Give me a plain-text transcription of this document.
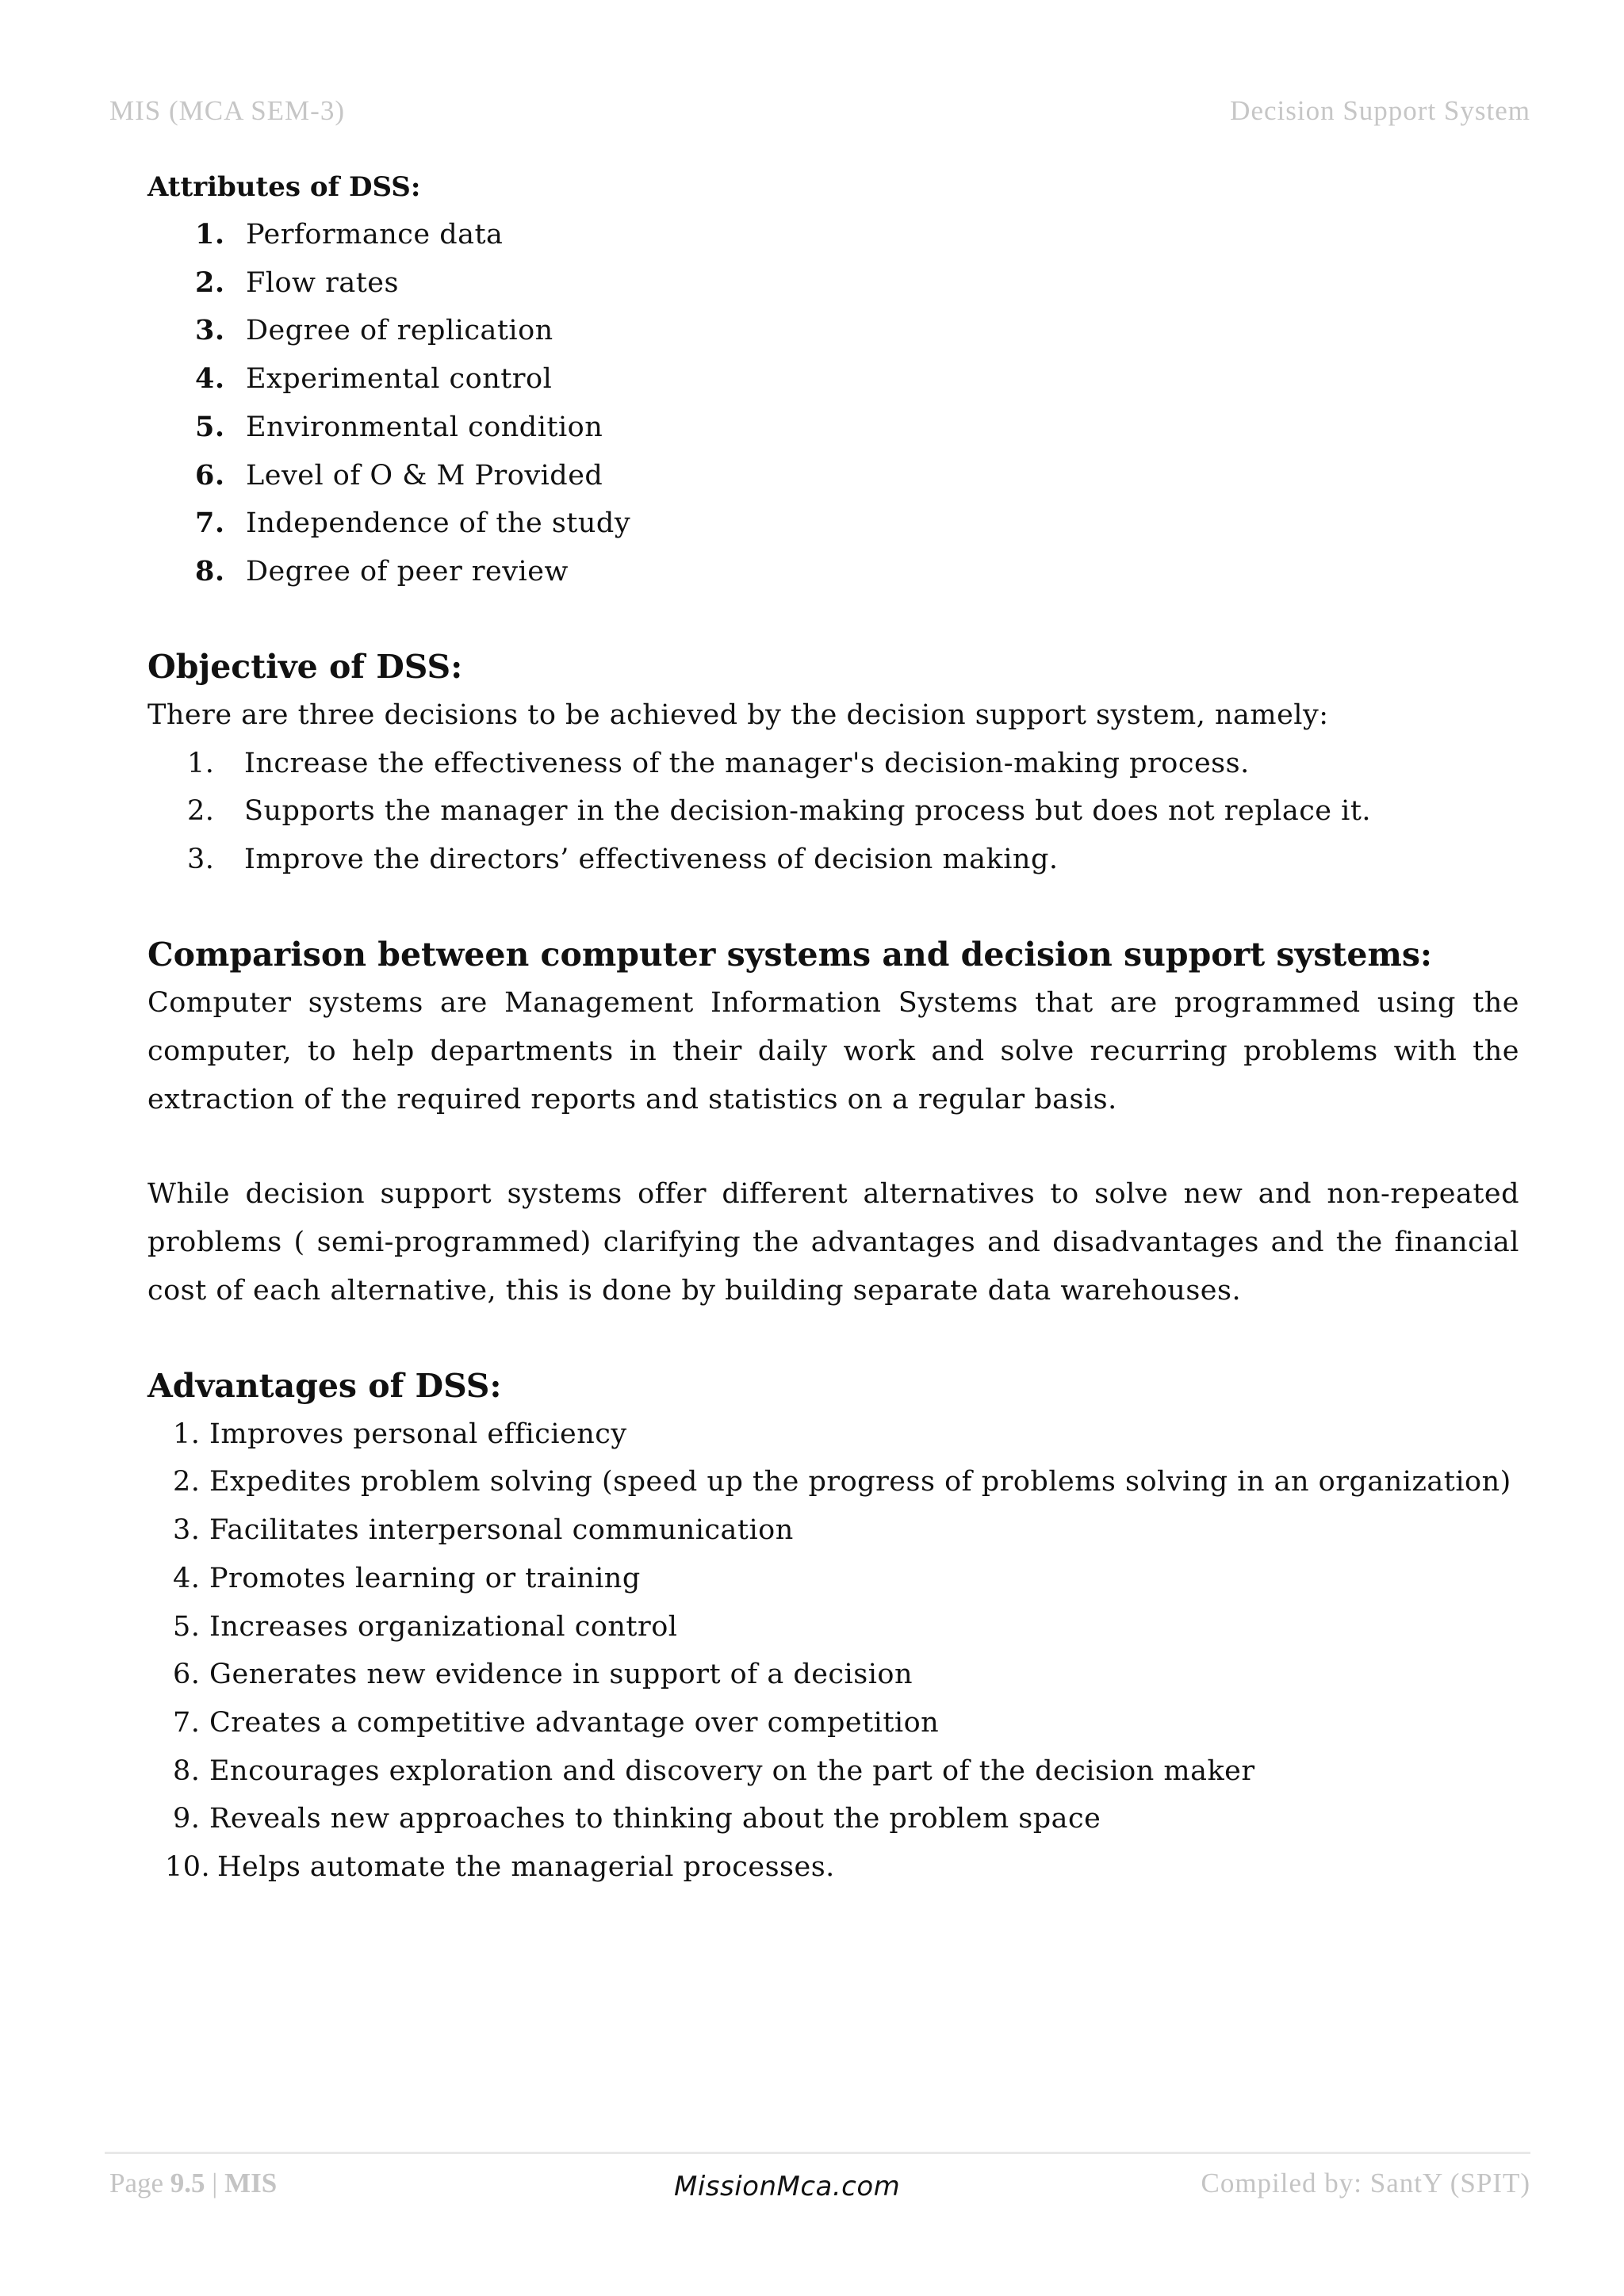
MIS (MCA SEM-3)	Decision Support System

Attributes of DSS:

1. Performance data
2. Flow rates
3. Degree of replication
4. Experimental control
5. Environmental condition
6. Level of O & M Provided
7. Independence of the study
8. Degree of peer review
Objective of DSS:

There are three decisions to be achieved by the decision support system, namely:

1. Increase the effectiveness of the manager's decision-making process.
2. Supports the manager in the decision-making process but does not replace it.
3. Improve the directors’ effectiveness of decision making.
Comparison between computer systems and decision support systems:

Computer systems are Management Information Systems that are programmed using the computer, to help departments in their daily work and solve recurring problems with the extraction of the required reports and statistics on a regular basis.

While decision support systems offer different alternatives to solve new and non-repeated problems ( semi-programmed) clarifying the advantages and disadvantages and the financial cost of each alternative, this is done by building separate data warehouses.

Advantages of DSS:
1. Improves personal efficiency
2. Expedites problem solving (speed up the progress of problems solving in an organization)
3. Facilitates interpersonal communication
4. Promotes learning or training
5. Increases organizational control
6. Generates new evidence in support of a decision
7. Creates a competitive advantage over competition
8. Encourages exploration and discovery on the part of the decision maker
9. Reveals new approaches to thinking about the problem space
10. Helps automate the managerial processes.
Page 9.5 | MIS	MissionMca.com	Compiled by: SantY (SPIT)
